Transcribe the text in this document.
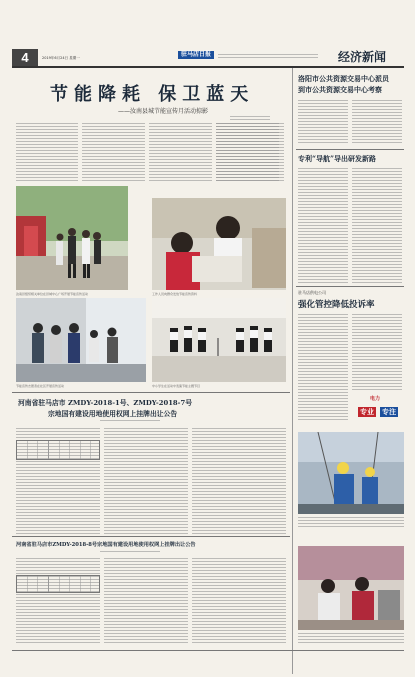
4	2019年6月24日 星期一	驻马店日报	经济新闻
节能降耗 保卫蓝天
——汝南县城节能宣传月活动掠影
汝南县组织相关单位在县城中心广场开展节能宣传活动	工作人员向群众发放节能宣传资料
节能宣传志愿者在社区开展宣传活动	中小学生在活动中表演节能主题节目
洛阳市公共资源交易中心派员
到市公共资源交易中心考察
专利“导航”导出研发新路
驻马店供电公司
强化管控降低投诉率
电力
专业 专注
河南省驻马店市 ZMDY-2018-1号、ZMDY-2018-7号
宗地国有建设用地使用权网上挂牌出让公告
河南省驻马店市ZMDY-2018-8号宗地国有建设用地使用权网上挂牌出让公告
